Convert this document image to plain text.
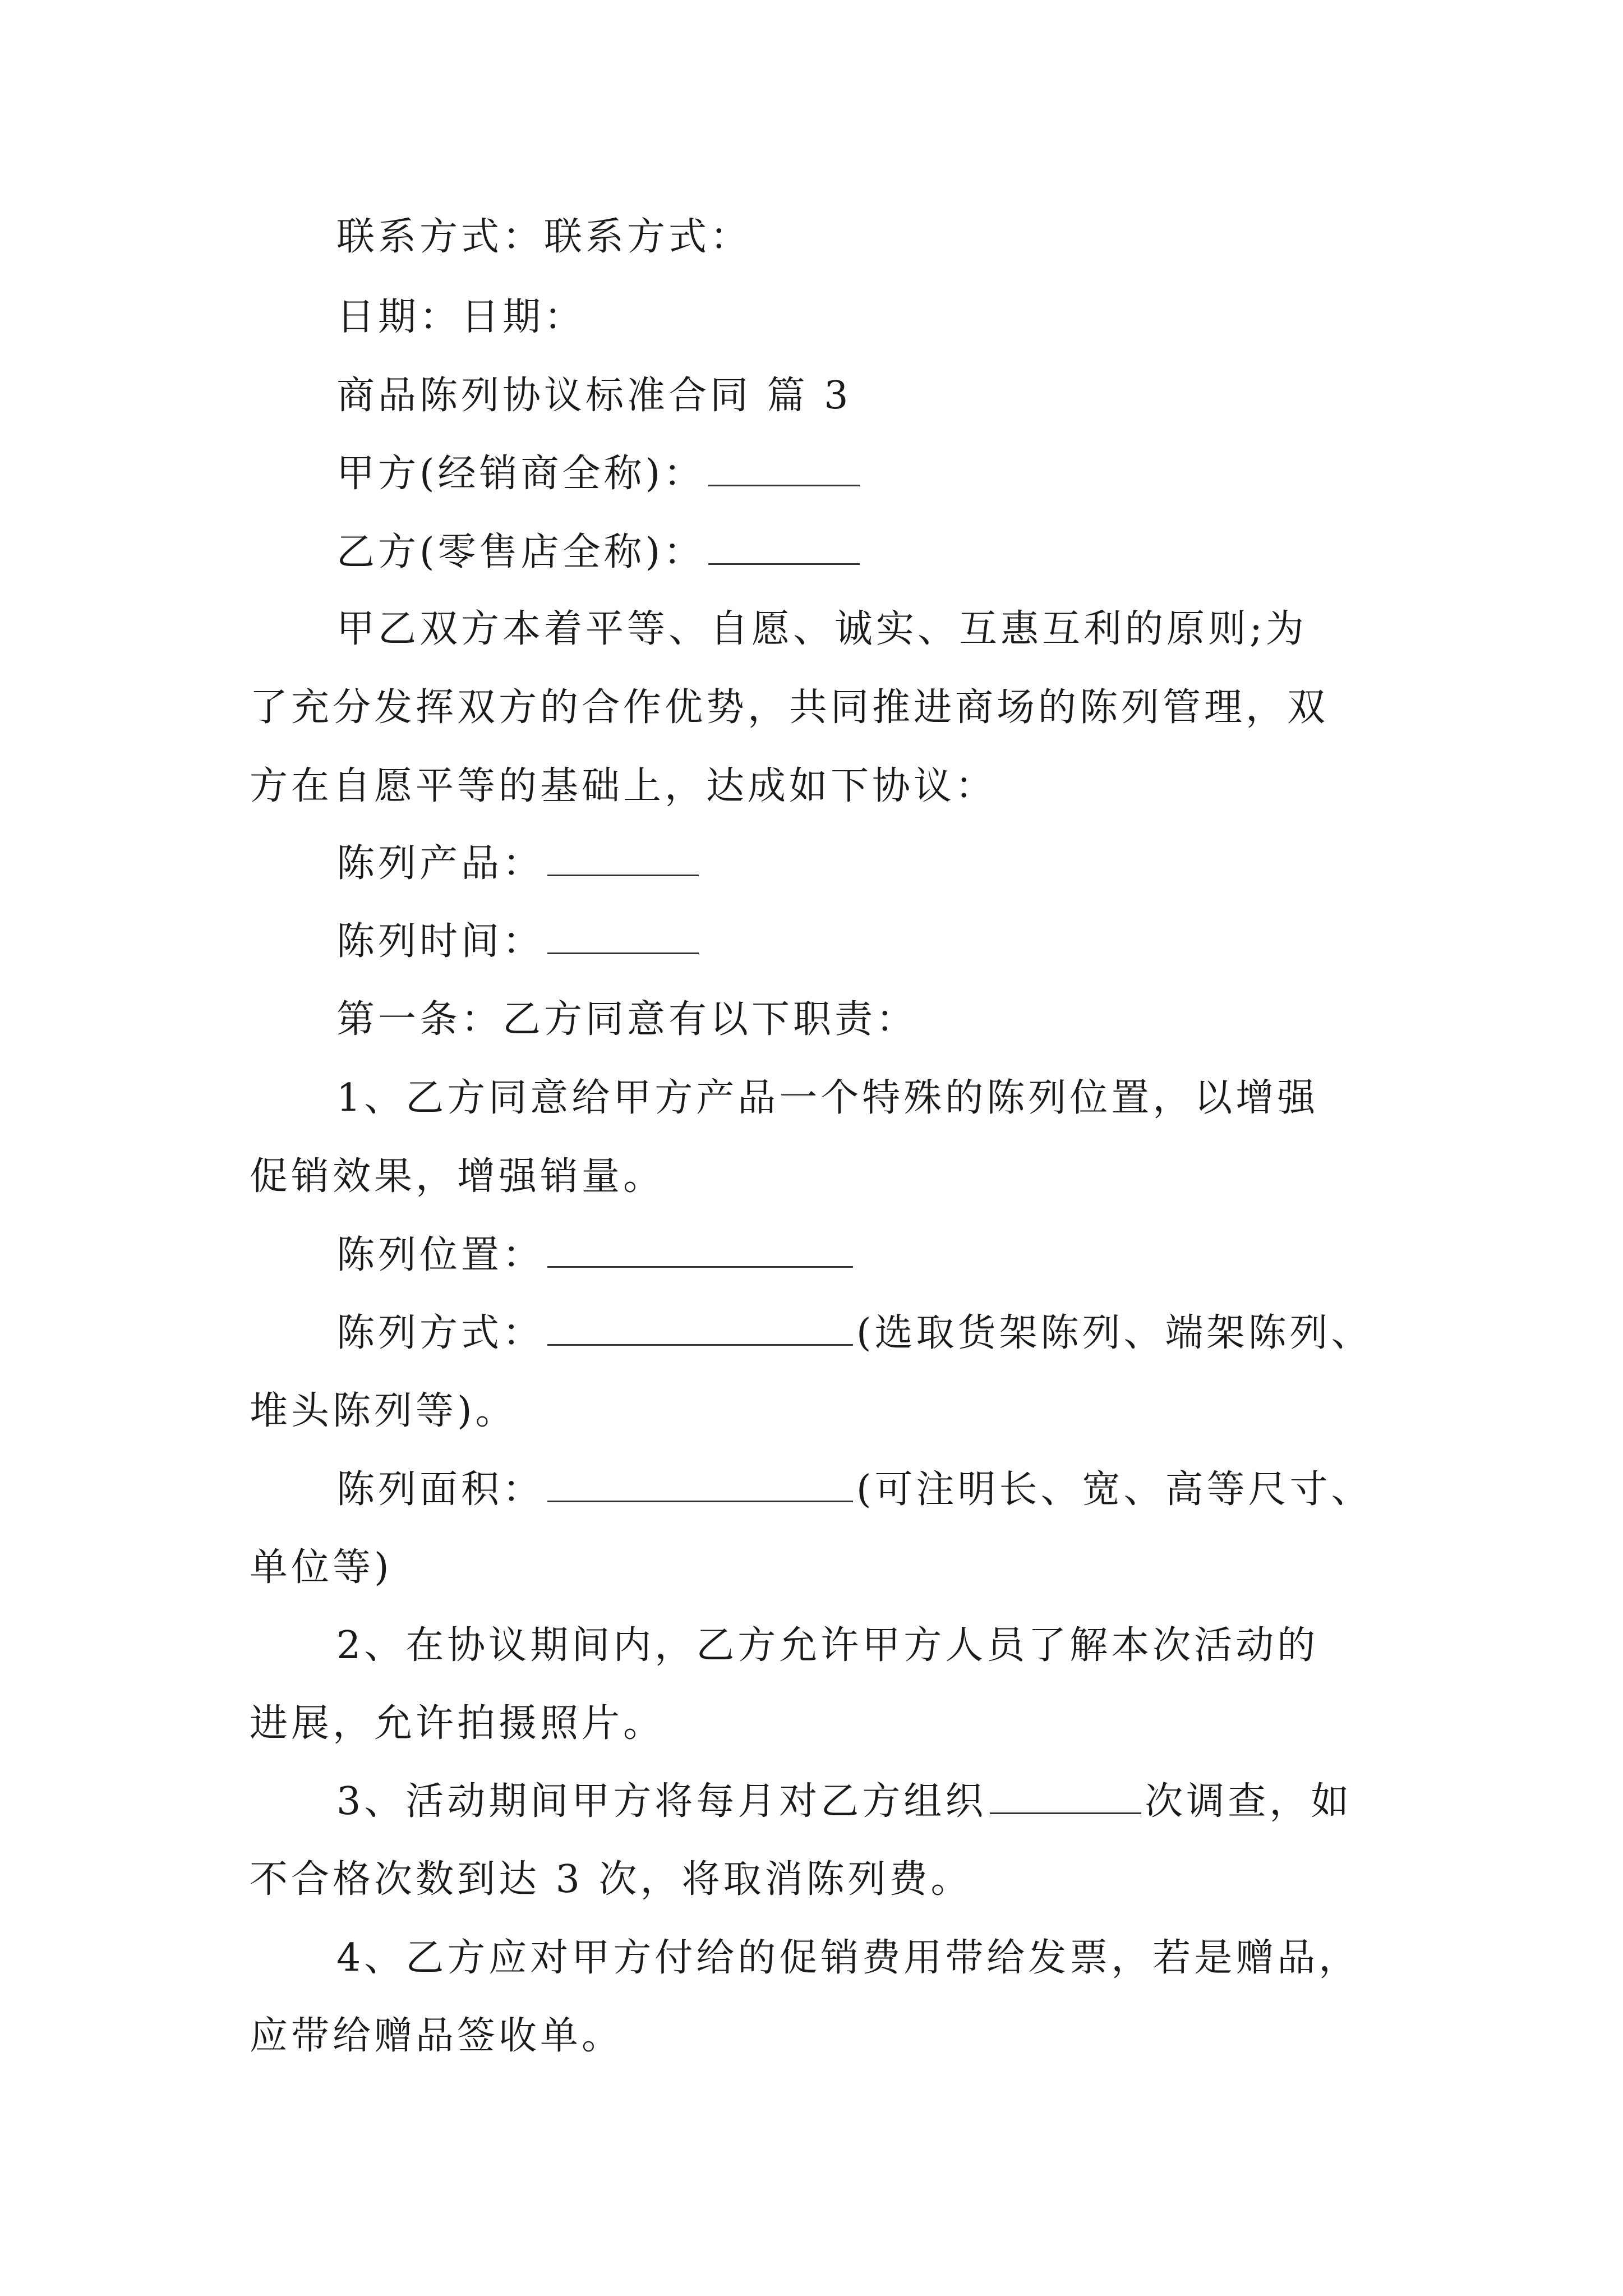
联系方式：联系方式：
日期：日期：
商品陈列协议标准合同 篇 3
甲方(经销商全称)：
乙方(零售店全称)：
甲乙双方本着平等、自愿、诚实、互惠互利的原则;为
了充分发挥双方的合作优势，共同推进商场的陈列管理，双
方在自愿平等的基础上，达成如下协议：
陈列产品：
陈列时间：
第一条：乙方同意有以下职责：
1、乙方同意给甲方产品一个特殊的陈列位置，以增强
促销效果，增强销量。
陈列位置：
陈列方式：	(选取货架陈列、端架陈列、
堆头陈列等)。
陈列面积：	(可注明长、宽、高等尺寸、
单位等)
2、在协议期间内，乙方允许甲方人员了解本次活动的
进展，允许拍摄照片。
3、活动期间甲方将每月对乙方组织	次调查，如
不合格次数到达 3 次，将取消陈列费。
4、乙方应对甲方付给的促销费用带给发票，若是赠品，
应带给赠品签收单。
